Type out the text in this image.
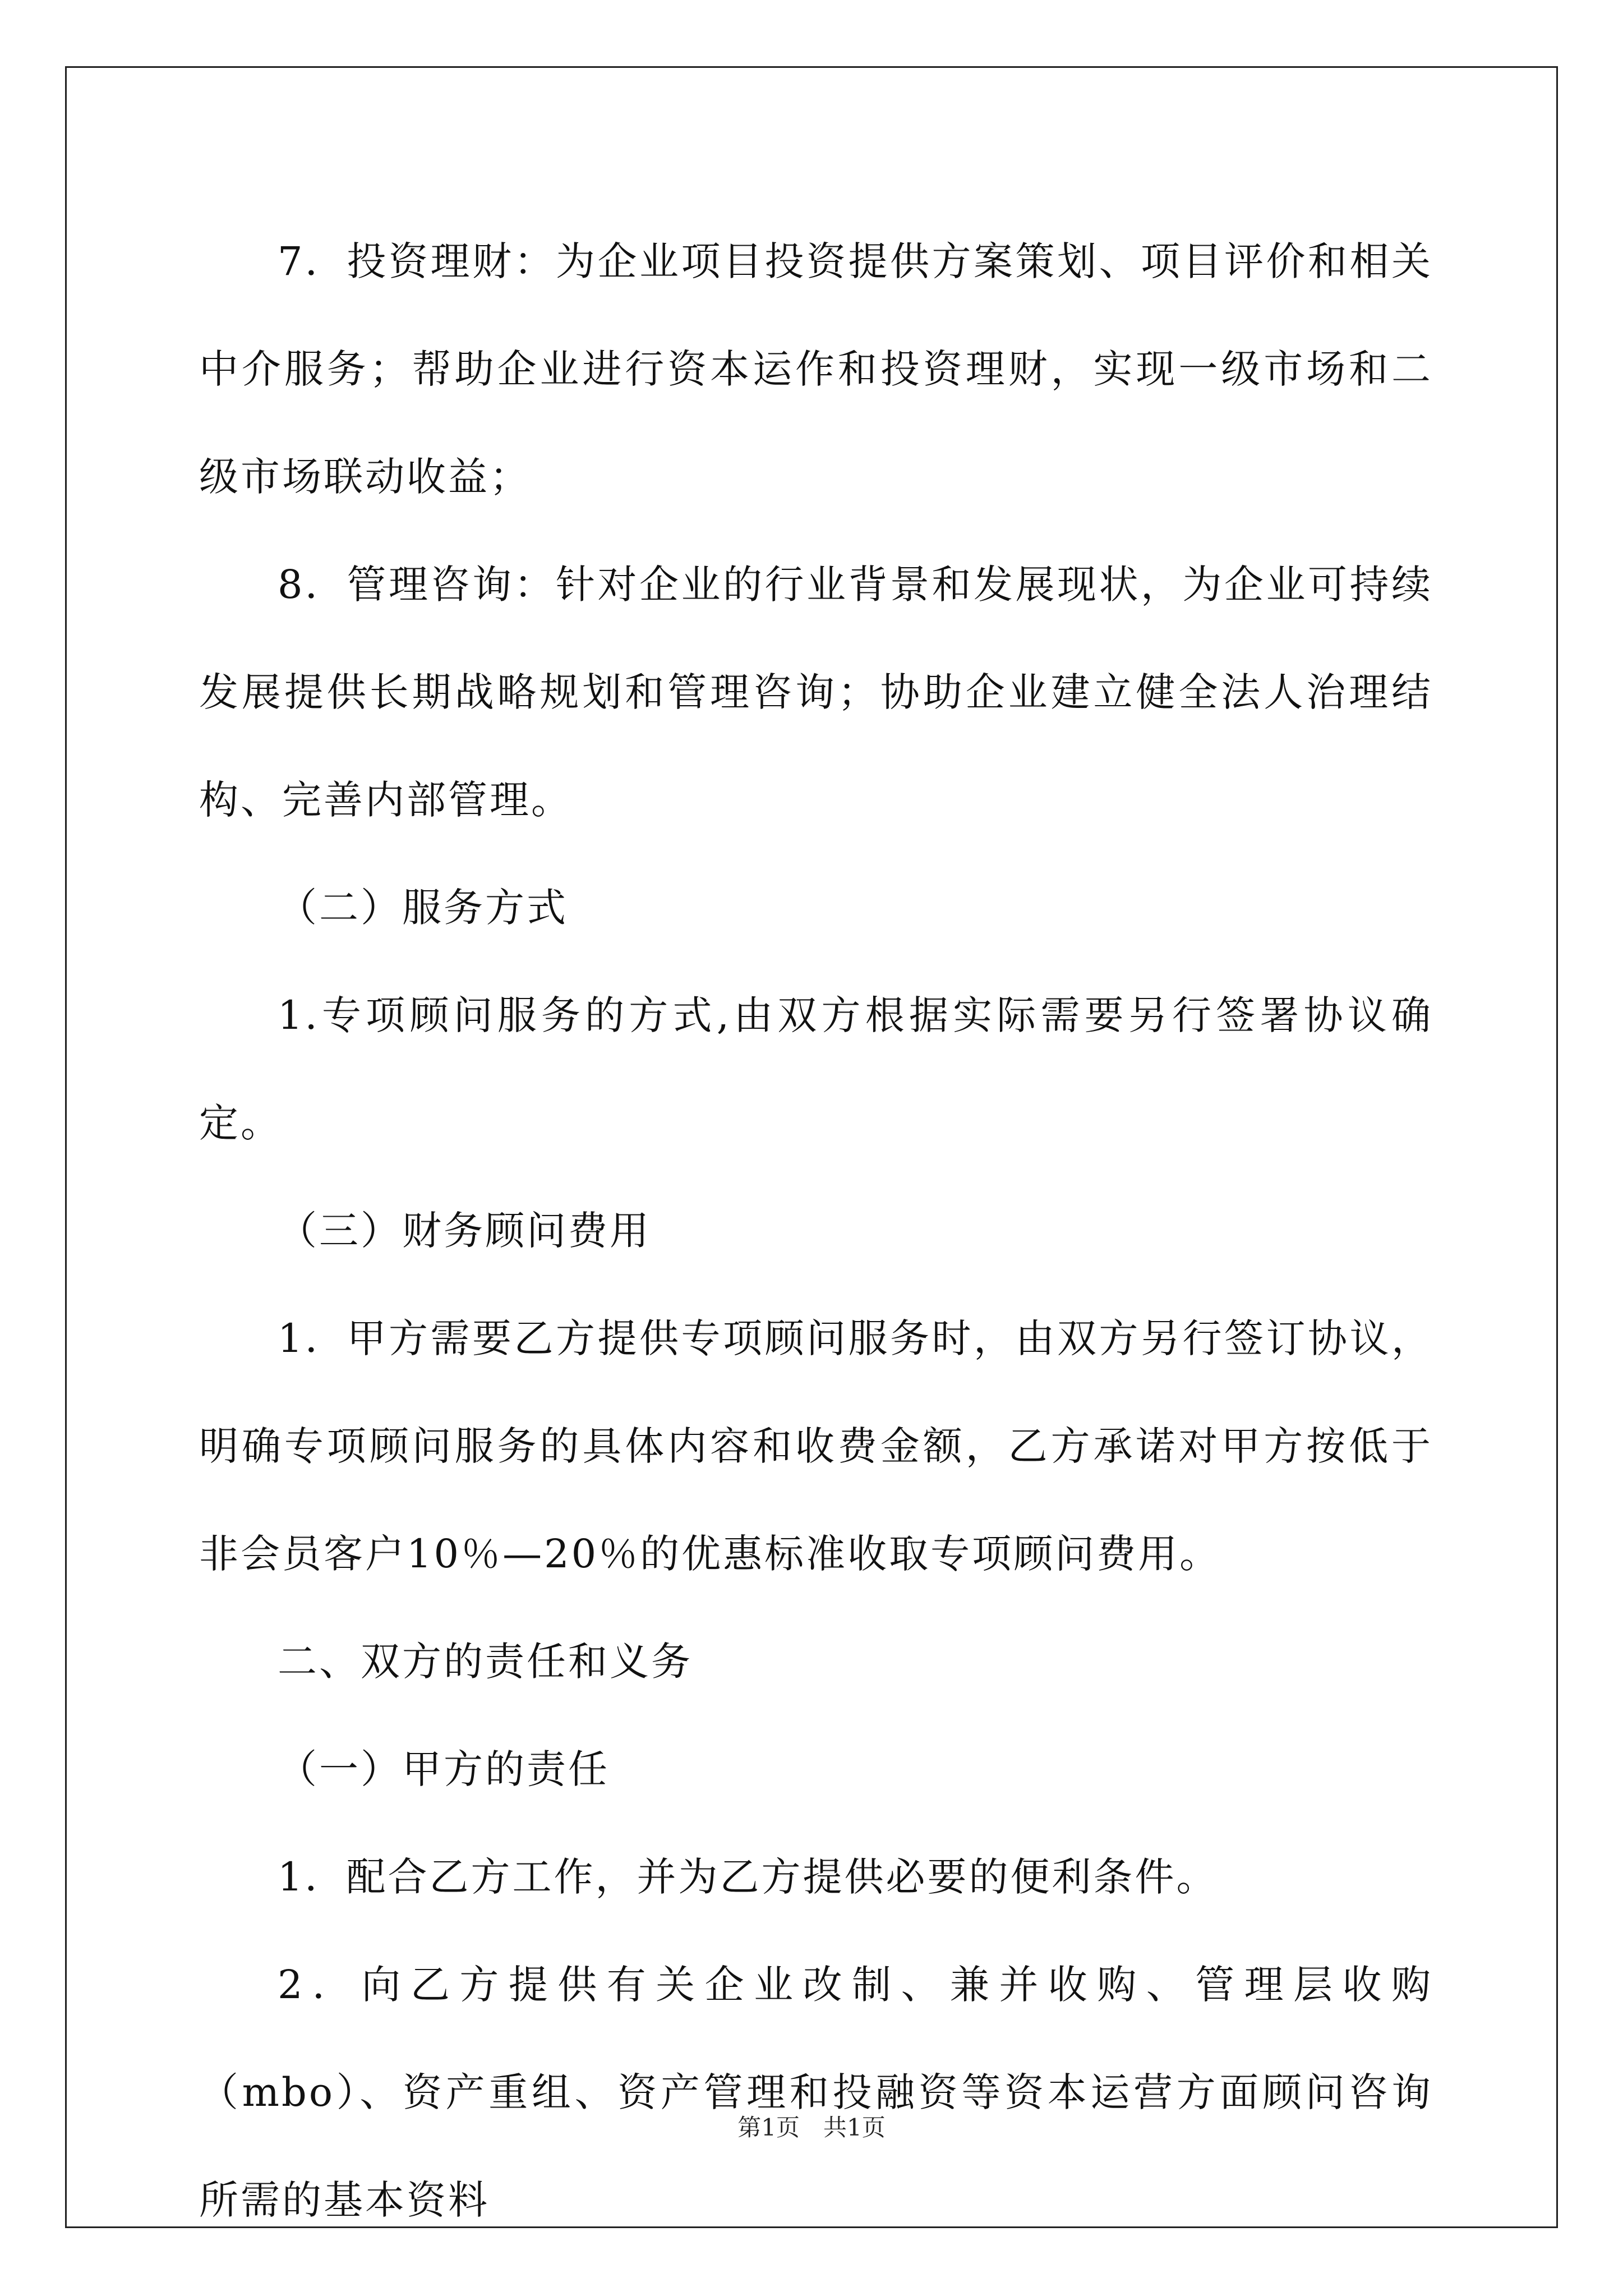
7．投资理财：为企业项目投资提供方案策划、项目评价和相关中介服务；帮助企业进行资本运作和投资理财，实现一级市场和二级市场联动收益；

8．管理咨询：针对企业的行业背景和发展现状，为企业可持续发展提供长期战略规划和管理咨询；协助企业建立健全法人治理结构、完善内部管理。

（二）服务方式

1.专项顾问服务的方式,由双方根据实际需要另行签署协议确定。

（三）财务顾问费用

1．甲方需要乙方提供专项顾问服务时，由双方另行签订协议，明确专项顾问服务的具体内容和收费金额，乙方承诺对甲方按低于非会员客户10％—20％的优惠标准收取专项顾问费用。

二、双方的责任和义务

（一）甲方的责任

1．配合乙方工作，并为乙方提供必要的便利条件。

2．向乙方提供有关企业改制、兼并收购、管理层收购（mbo）、资产重组、资产管理和投融资等资本运营方面顾问咨询所需的基本资料

第1页　共1页
